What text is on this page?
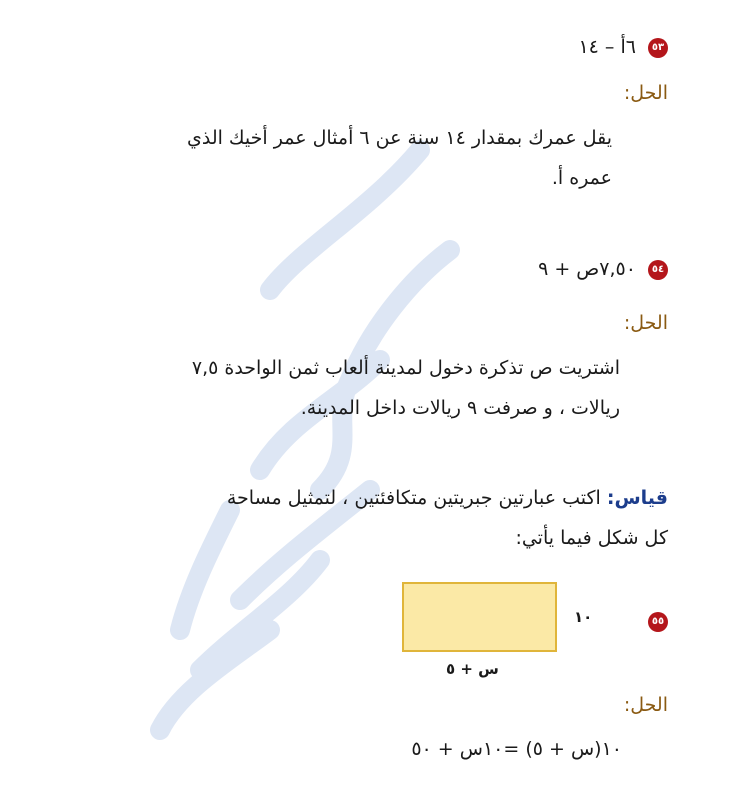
٥٣ ٦أ – ١٤
الحل:

يقل عمرك بمقدار ١٤ سنة عن ٦ أمثال عمر أخيك الذي

عمره أ.

٥٤ ٧,٥٠ص + ٩
الحل:

اشتريت ص تذكرة دخول لمدينة ألعاب ثمن الواحدة ٧,٥

ريالات ، و صرفت ٩ ريالات داخل المدينة.

قياس: اكتب عبارتين جبريتين متكافئتين ، لتمثيل مساحة

كل شكل فيما يأتي:

٥٥
١٠
س + ٥
الحل:
١٠(س + ٥) =١٠س + ٥٠
